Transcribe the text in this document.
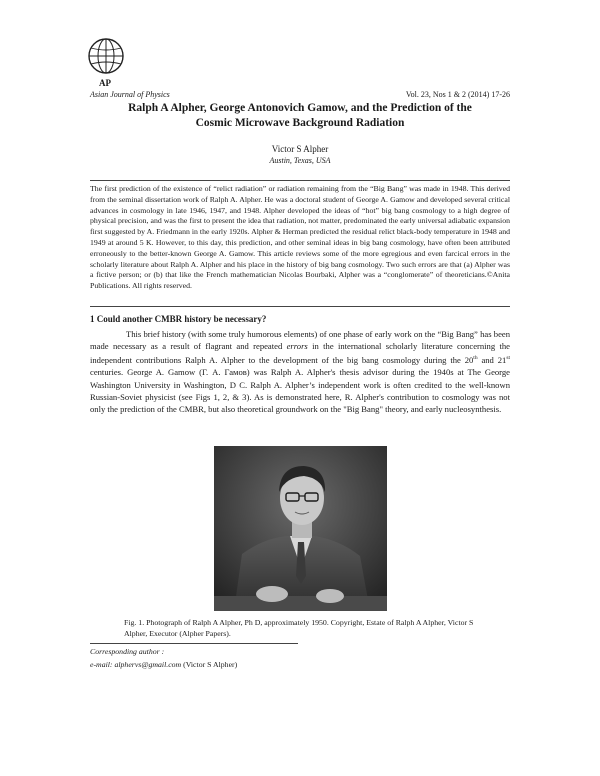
AP
Asian Journal of Physics	Vol. 23, Nos 1 & 2 (2014) 17-26
Ralph A Alpher, George Antonovich Gamow, and the Prediction of the
Cosmic Microwave Background Radiation
Victor S Alpher
Austin, Texas, USA
The first prediction of the existence of “relict radiation” or radiation remaining from the “Big Bang” was made in 1948. This derived from the seminal dissertation work of Ralph A. Alpher. He was a doctoral student of George A. Gamow and developed several critical advances in cosmology in late 1946, 1947, and 1948. Alpher developed the ideas of “hot” big bang cosmology to a high degree of physical precision, and was the first to present the idea that radiation, not matter, predominated the early universal adiabatic expansion first suggested by A. Friedmann in the early 1920s. Alpher & Herman predicted the residual relict black-body temperature in 1948 and 1949 at around 5 K. However, to this day, this prediction, and other seminal ideas in big bang cosmology, have often been attributed erroneously to the better-known George A. Gamow. This article reviews some of the more egregious and even farcical errors in the scholarly literature about Ralph A. Alpher and his place in the history of big bang cosmology. Two such errors are that (a) Alpher was a fictive person; or (b) that like the French mathematician Nicolas Bourbaki, Alpher was a “conglomerate” of theoreticians.©Anita Publications. All rights reserved.
1 Could another CMBR history be necessary?
This brief history (with some truly humorous elements) of one phase of early work on the “Big Bang” has been made necessary as a result of flagrant and repeated errors in the international scholarly literature concerning the independent contributions Ralph A. Alpher to the development of the big bang cosmology during the 20th and 21st centuries. George A. Gamow (Г. А. Гамов) was Ralph A. Alpher's thesis advisor during the 1940s at The George Washington University in Washington, D C. Ralph A. Alpher’s independent work is often credited to the well-known Russian-Soviet physicist (see Figs 1, 2, & 3). As is demonstrated here, R. Alpher's contribution to cosmology was not only the prediction of the CMBR, but also theoretical groundwork on the "Big Bang" theory, and early nucleosynthesis.
Fig. 1. Photograph of Ralph A Alpher, Ph D, approximately 1950. Copyright, Estate of Ralph A Alpher, Victor S Alpher, Executor (Alpher Papers).
Corresponding author :
e-mail: alphervs@gmail.com (Victor S Alpher)
